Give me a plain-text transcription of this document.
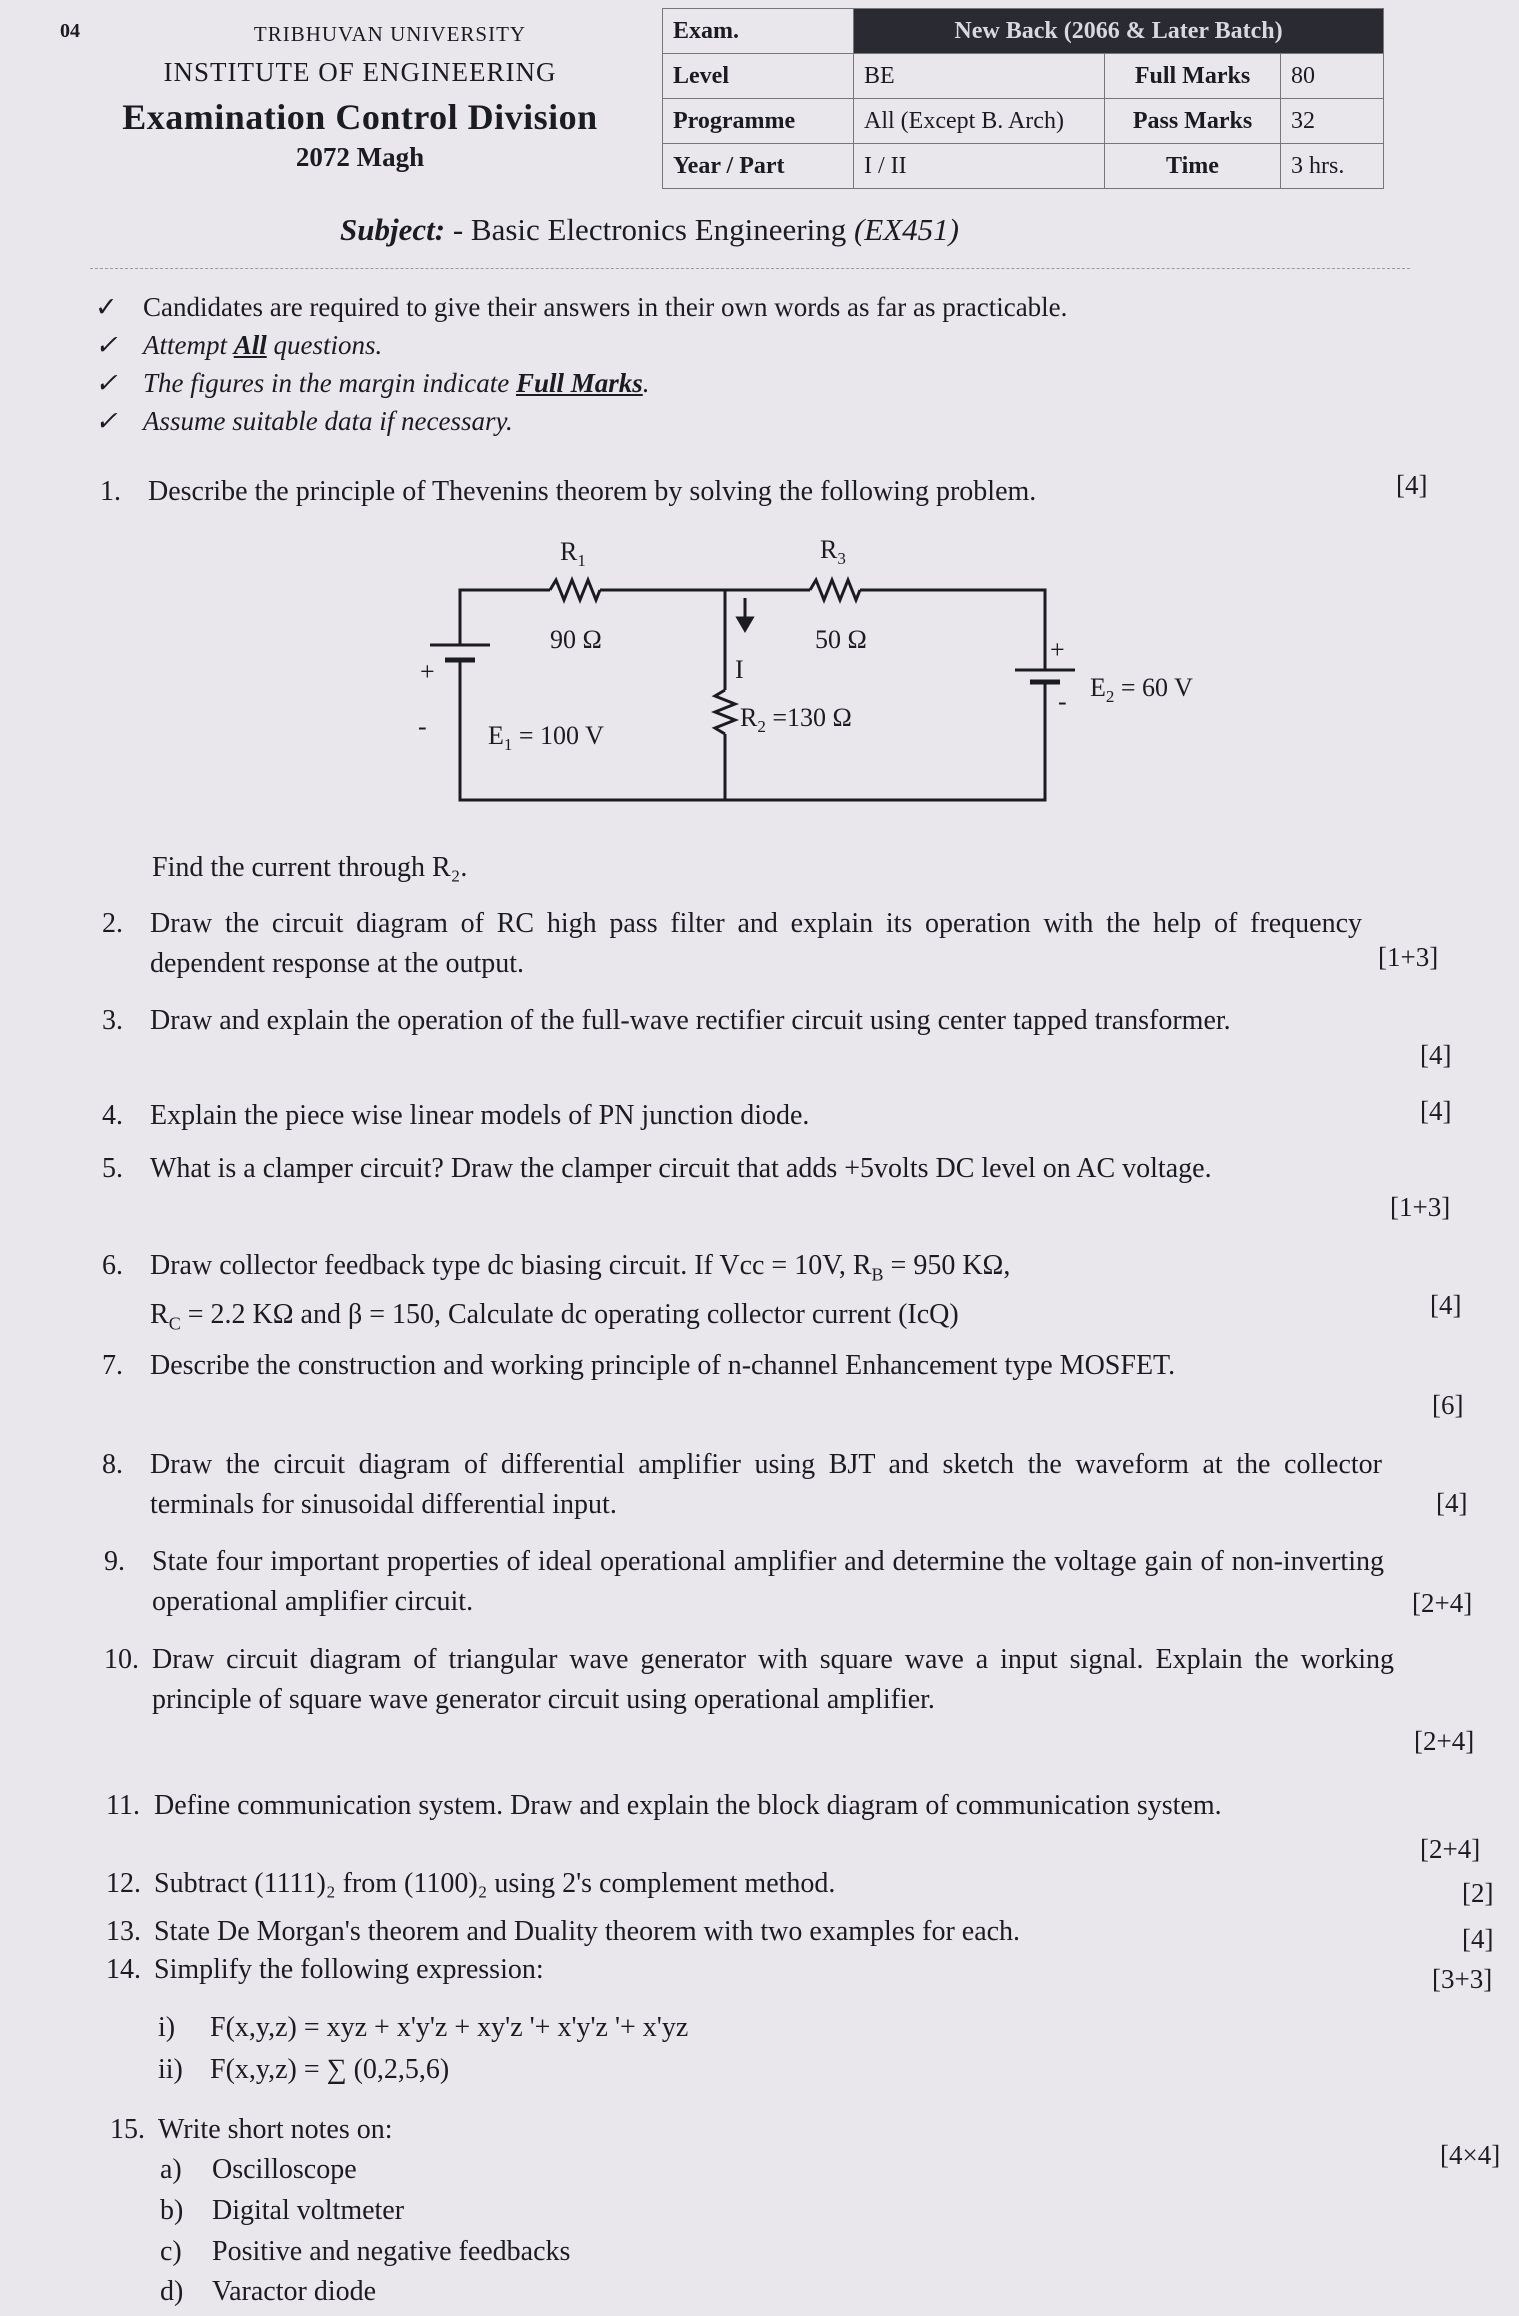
04	TRIBHUVAN UNIVERSITY
INSTITUTE OF ENGINEERING
Examination Control Division
2072 Magh
Exam.	New Back (2066 & Later Batch)		
Level	BE	Full Marks	80
Programme	All (Except B. Arch)	Pass Marks	32
Year / Part	I / II	Time	3 hrs.
Subject: - Basic Electronics Engineering (EX451)
✓ Candidates are required to give their answers in their own words as far as practicable.
✓ Attempt All questions.
✓ The figures in the margin indicate Full Marks.
✓ Assume suitable data if necessary.
1. Describe the principle of Thevenins theorem by solving the following problem.	[4]
$R_1$
90 Ω
$R_3$
50 Ω
I
$R_2 =130$ Ω
+
- $E_1 = 100$ V
+
- $E_2 = 60$ V
Find the current through R₂.
2. Draw the circuit diagram of RC high pass filter and explain its operation with the help of frequency dependent response at the output.	[1+3]
3. Draw and explain the operation of the full-wave rectifier circuit using center tapped transformer.
[4]
4. Explain the piece wise linear models of PN junction diode.	[4]
5. What is a clamper circuit? Draw the clamper circuit that adds +5volts DC level on AC voltage.
[1+3]
6. Draw collector feedback type dc biasing circuit. If Vcc = 10V, $R_B = 950$ KΩ,
$R_C = 2.2$ KΩ and β = 150, Calculate dc operating collector current (IcQ)	[4]
7. Describe the construction and working principle of n-channel Enhancement type MOSFET.
[6]
8. Draw the circuit diagram of differential amplifier using BJT and sketch the waveform at the collector terminals for sinusoidal differential input.	[4]
9. State four important properties of ideal operational amplifier and determine the voltage gain of non-inverting operational amplifier circuit.	[2+4]
10. Draw circuit diagram of triangular wave generator with square wave a input signal. Explain the working principle of square wave generator circuit using operational amplifier.
[2+4]
11. Define communication system. Draw and explain the block diagram of communication system.
[2+4]
12. Subtract (1111)₂ from (1100)₂ using 2's complement method.	[2]
13. State De Morgan's theorem and Duality theorem with two examples for each.	[4]
14. Simplify the following expression:	[3+3]
i) F(x,y,z) = xyz + x'y'z + xy'z '+ x'y'z '+ x'yz
ii) F(x,y,z) = ∑ (0,2,5,6)
15. Write short notes on:
[4×4]
a) Oscilloscope
b) Digital voltmeter
c) Positive and negative feedbacks
d) Varactor diode
